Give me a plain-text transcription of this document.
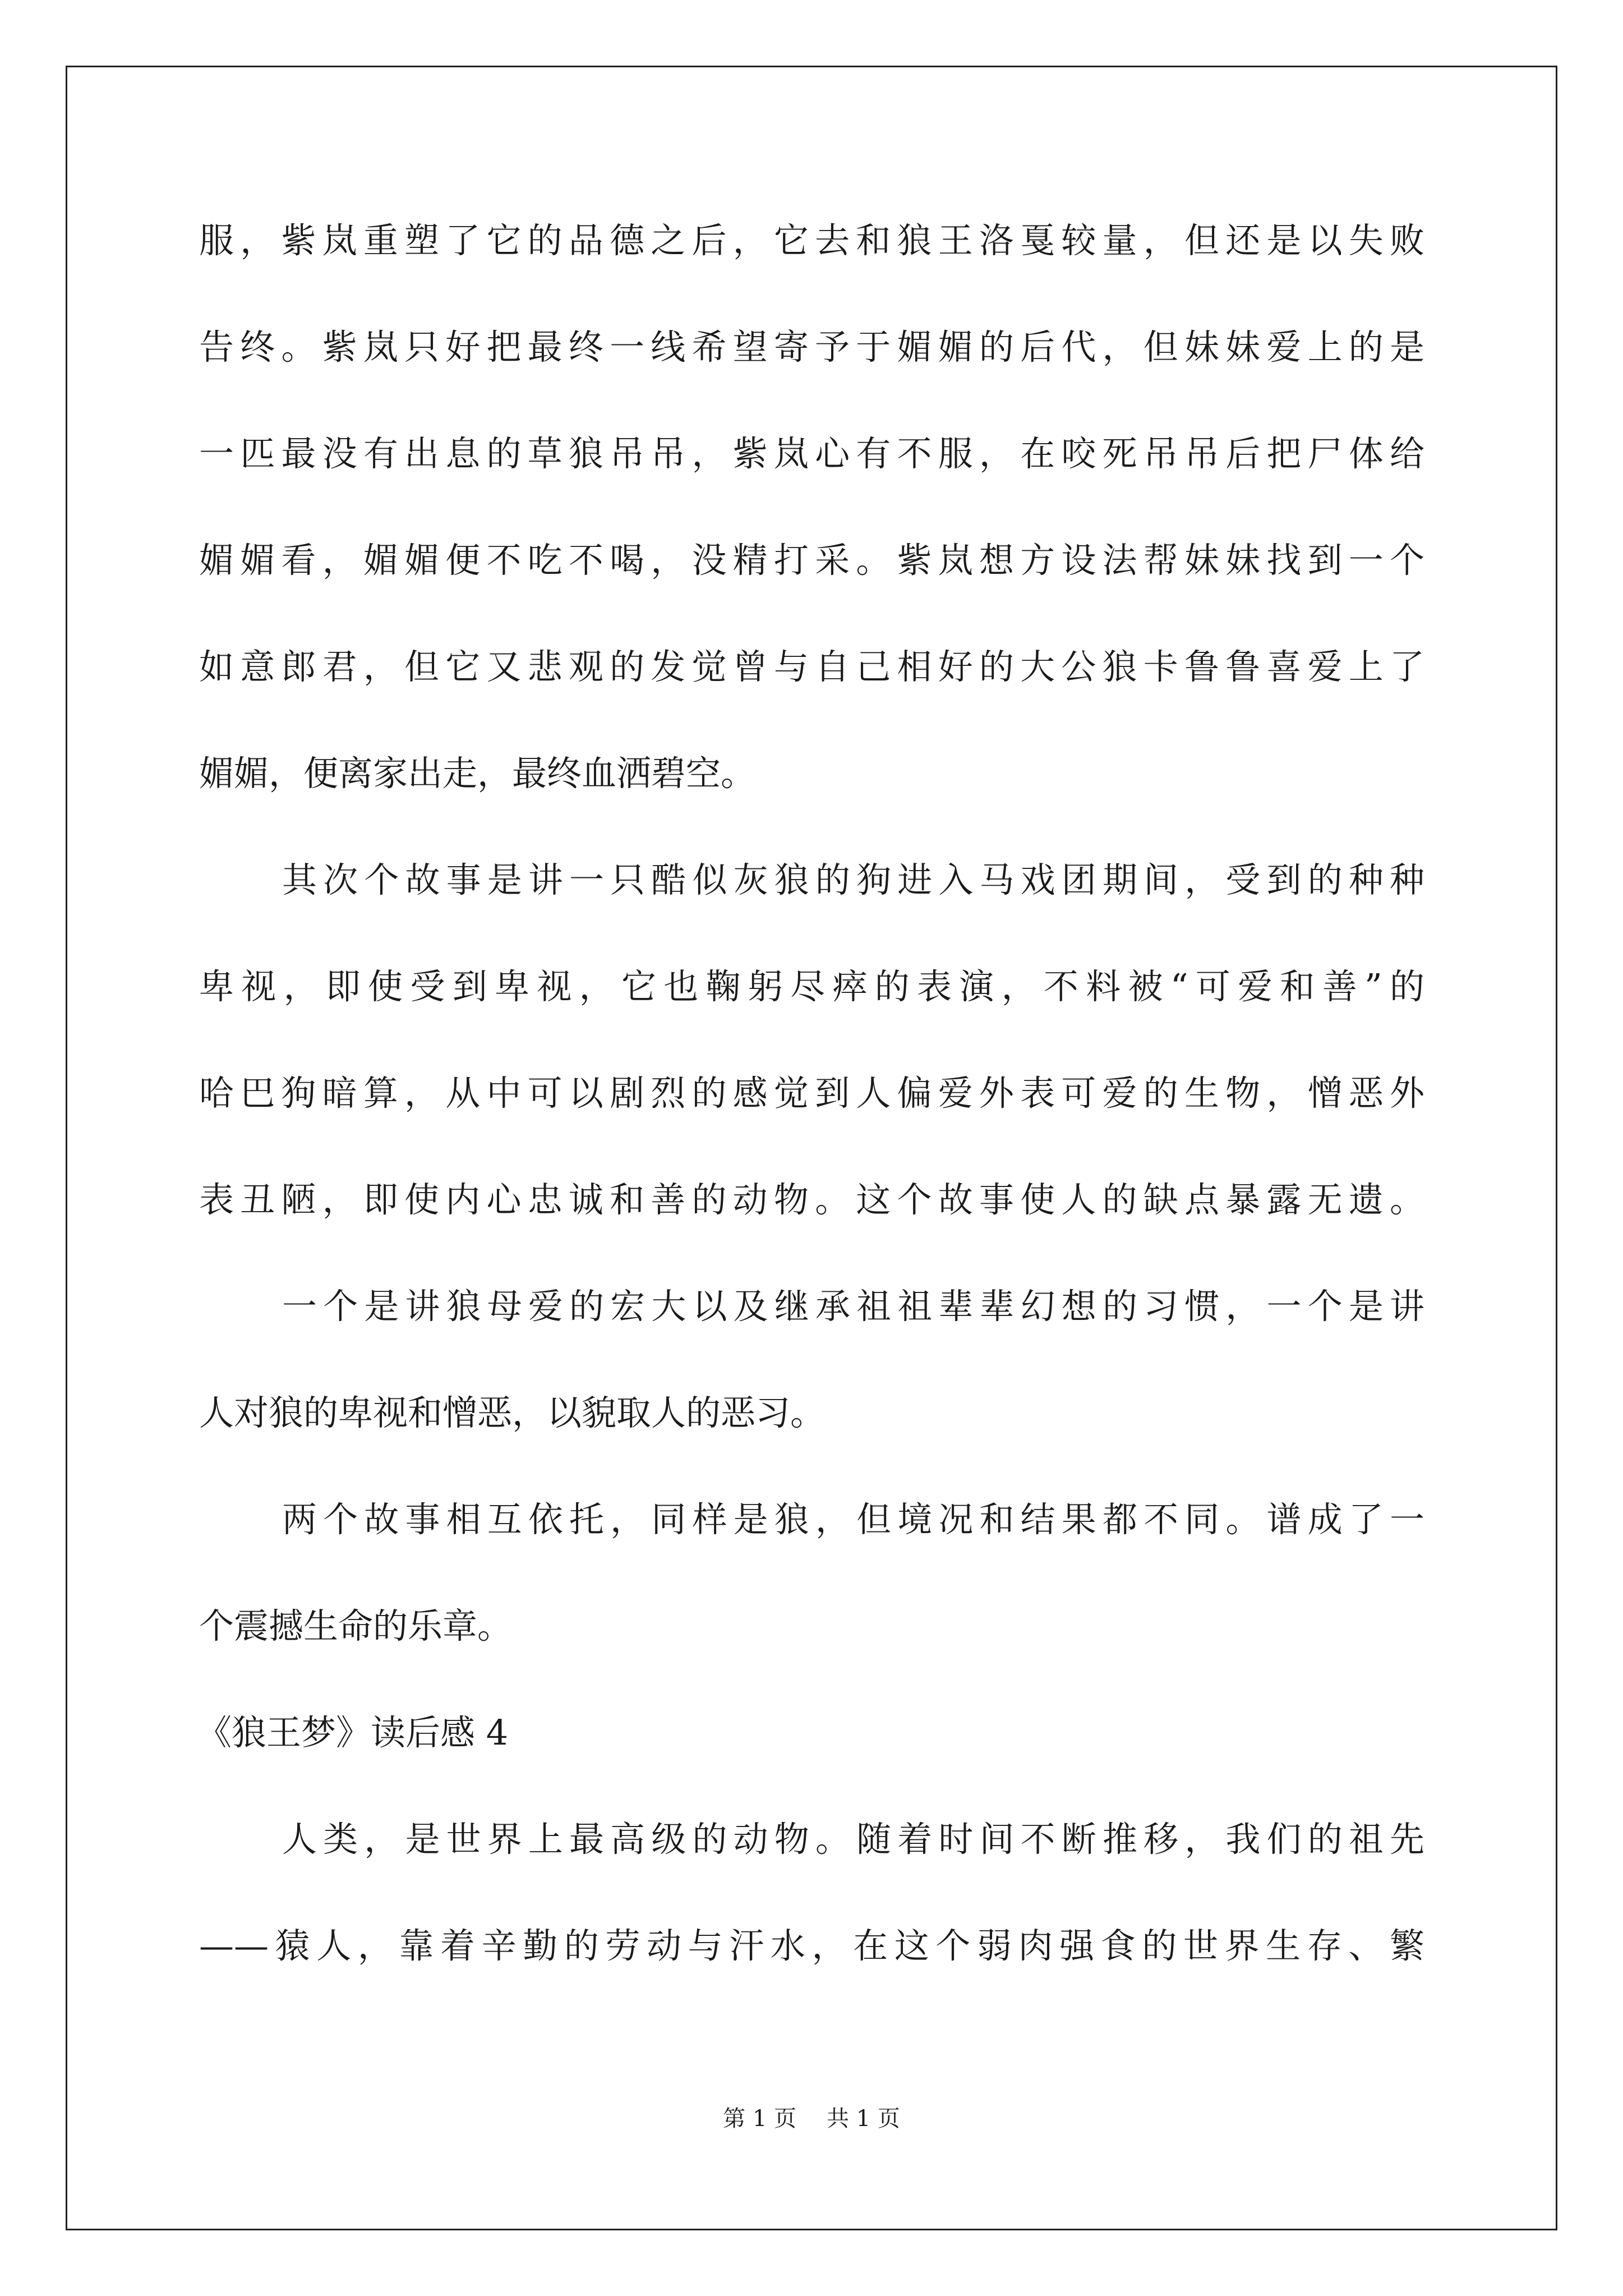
服，紫岚重塑了它的品德之后，它去和狼王洛戛较量，但还是以失败
告终。紫岚只好把最终一线希望寄予于媚媚的后代，但妹妹爱上的是
一匹最没有出息的草狼吊吊，紫岚心有不服，在咬死吊吊后把尸体给
媚媚看，媚媚便不吃不喝，没精打采。紫岚想方设法帮妹妹找到一个
如意郎君，但它又悲观的发觉曾与自己相好的大公狼卡鲁鲁喜爱上了
媚媚，便离家出走，最终血洒碧空。
其次个故事是讲一只酷似灰狼的狗进入马戏团期间，受到的种种
卑视，即使受到卑视，它也鞠躬尽瘁的表演，不料被“可爱和善”的
哈巴狗暗算，从中可以剧烈的感觉到人偏爱外表可爱的生物，憎恶外
表丑陋，即使内心忠诚和善的动物。这个故事使人的缺点暴露无遗。
一个是讲狼母爱的宏大以及继承祖祖辈辈幻想的习惯，一个是讲
人对狼的卑视和憎恶，以貌取人的恶习。
两个故事相互依托，同样是狼，但境况和结果都不同。谱成了一
个震撼生命的乐章。
《狼王梦》读后感 4
人类，是世界上最高级的动物。随着时间不断推移，我们的祖先
——猿人，靠着辛勤的劳动与汗水，在这个弱肉强食的世界生存、繁
第 1 页 共 1 页
